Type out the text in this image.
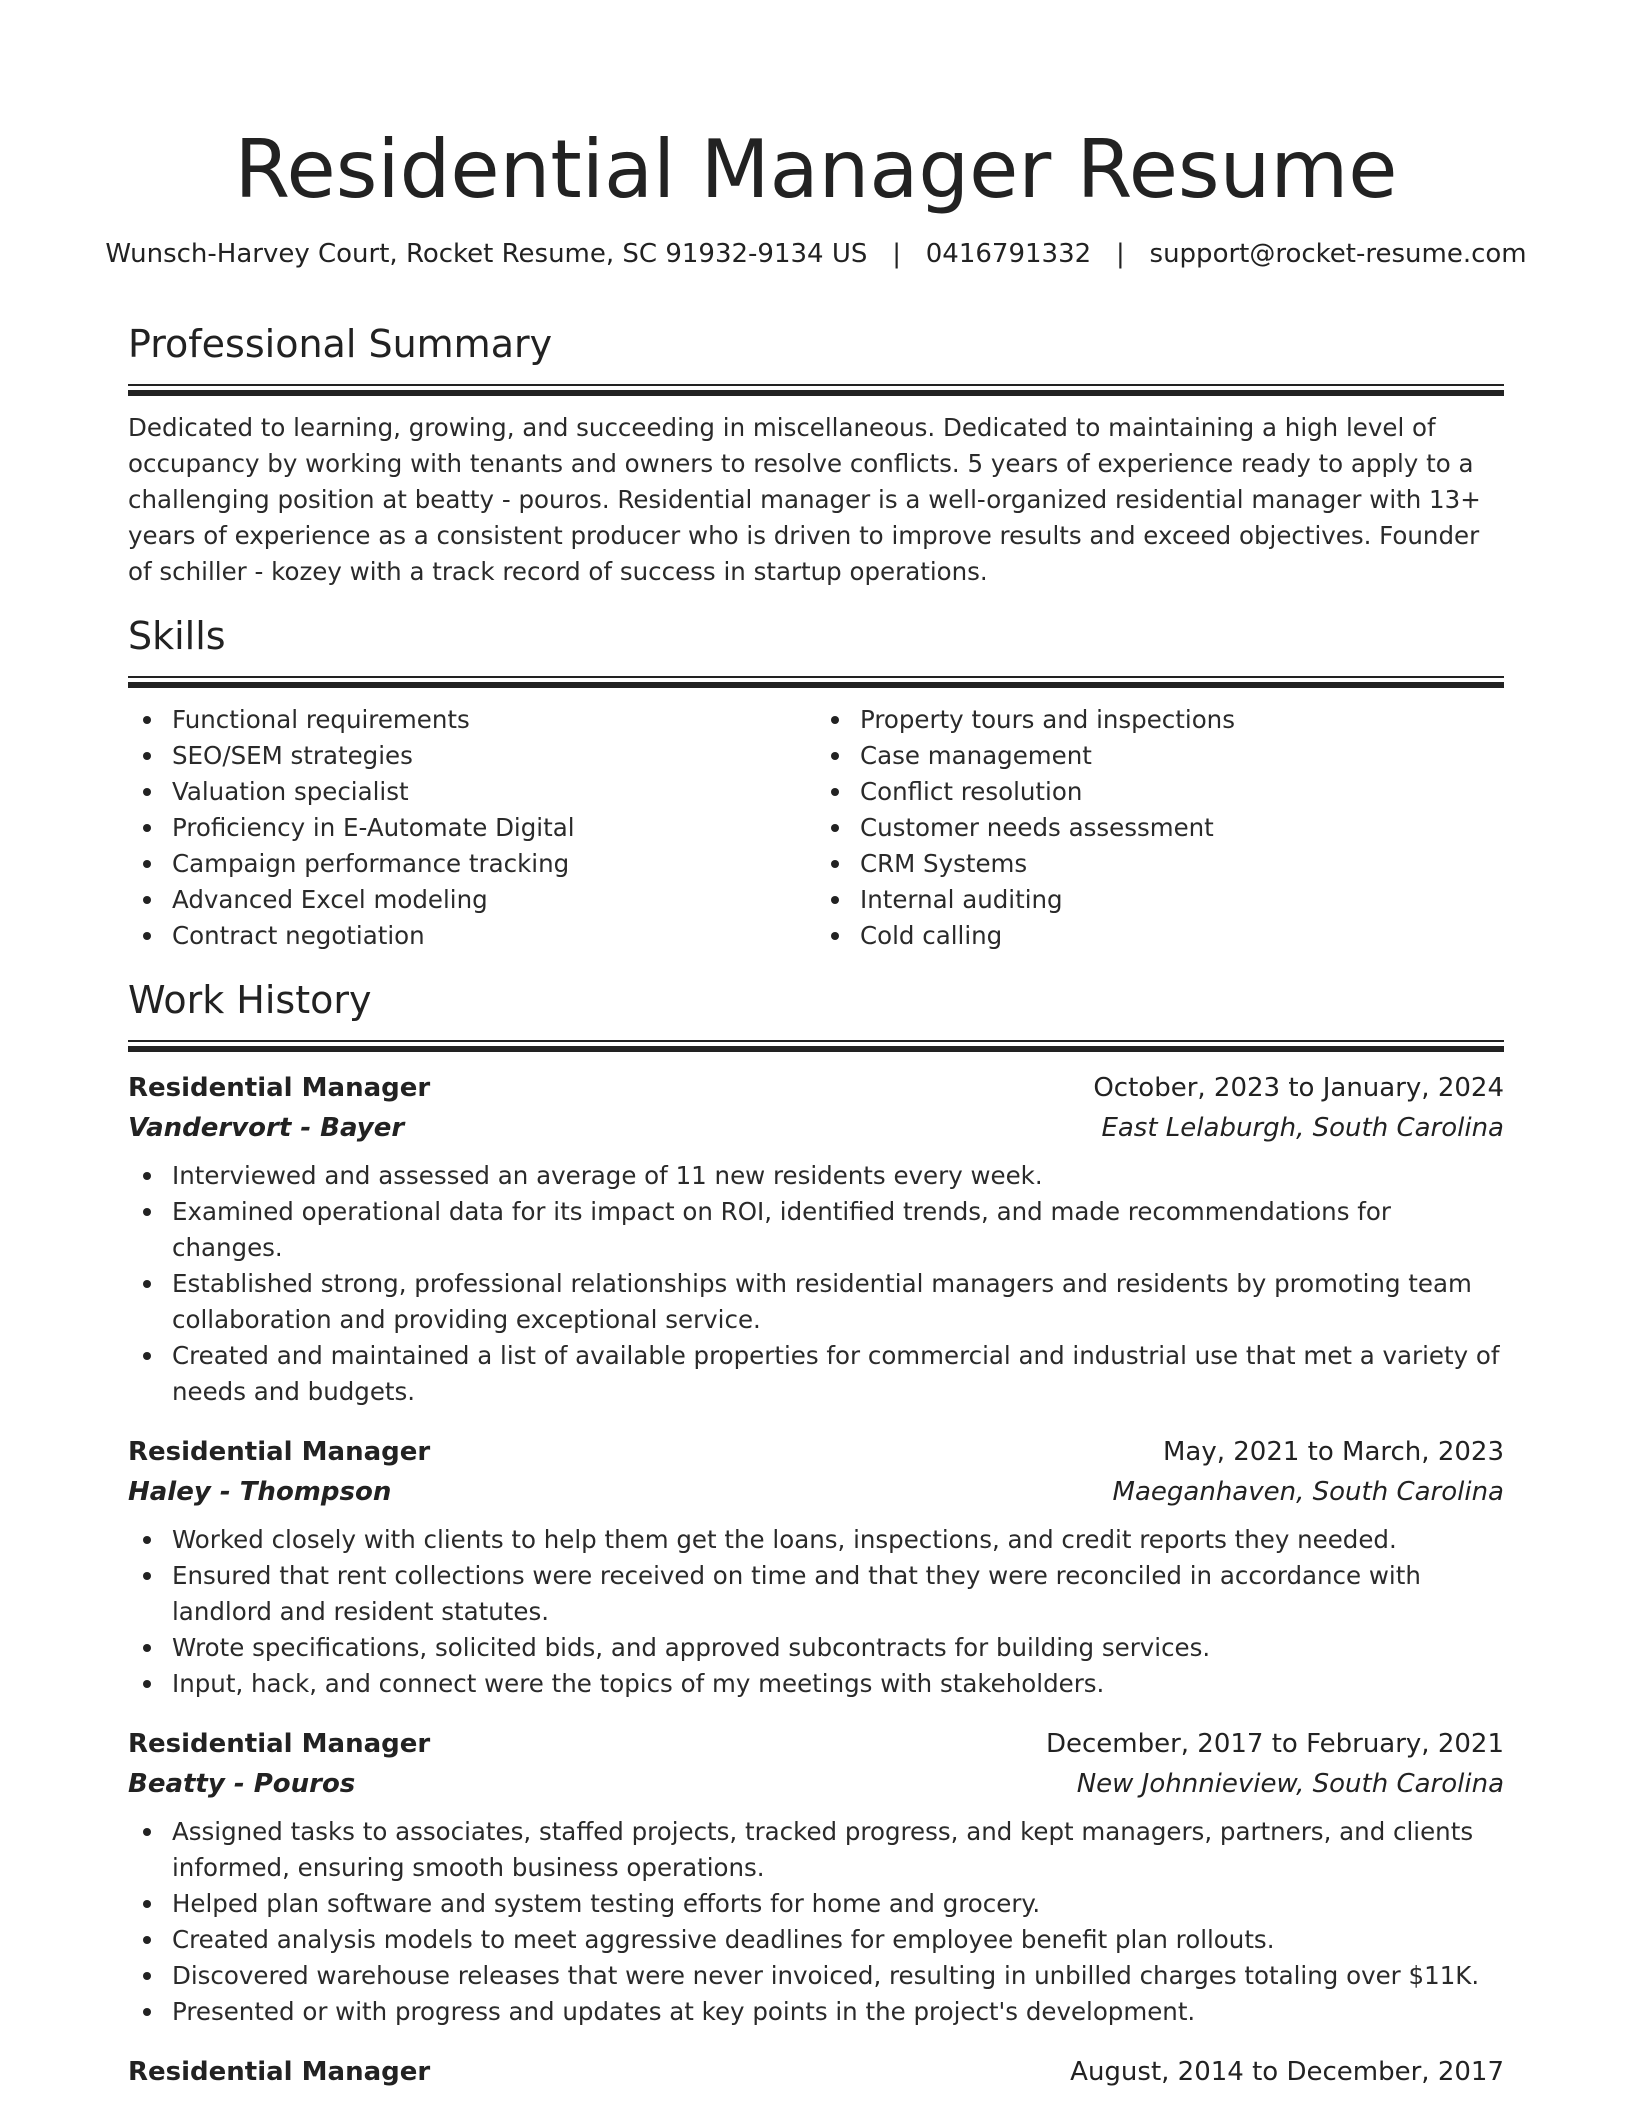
Residential Manager Resume
Wunsch-Harvey Court, Rocket Resume, SC 91932-9134 US | 0416791332 | support@rocket-resume.com
Professional Summary

Dedicated to learning, growing, and succeeding in miscellaneous. Dedicated to maintaining a high level of occupancy by working with tenants and owners to resolve conflicts. 5 years of experience ready to apply to a challenging position at beatty - pouros. Residential manager is a well-organized residential manager with 13+ years of experience as a consistent producer who is driven to improve results and exceed objectives. Founder of schiller - kozey with a track record of success in startup operations.

Skills
Functional requirements
SEO/SEM strategies
Valuation specialist
Proficiency in E-Automate Digital
Campaign performance tracking
Advanced Excel modeling
Contract negotiation
Property tours and inspections
Case management
Conflict resolution
Customer needs assessment
CRM Systems
Internal auditing
Cold calling
Work History
Residential Manager	October, 2023 to January, 2024
Vandervort - Bayer	East Lelaburgh, South Carolina
Interviewed and assessed an average of 11 new residents every week.
Examined operational data for its impact on ROI, identified trends, and made recommendations for changes.
Established strong, professional relationships with residential managers and residents by promoting team collaboration and providing exceptional service.
Created and maintained a list of available properties for commercial and industrial use that met a variety of needs and budgets.
Residential Manager	May, 2021 to March, 2023
Haley - Thompson	Maeganhaven, South Carolina
Worked closely with clients to help them get the loans, inspections, and credit reports they needed.
Ensured that rent collections were received on time and that they were reconciled in accordance with landlord and resident statutes.
Wrote specifications, solicited bids, and approved subcontracts for building services.
Input, hack, and connect were the topics of my meetings with stakeholders.
Residential Manager	December, 2017 to February, 2021
Beatty - Pouros	New Johnnieview, South Carolina
Assigned tasks to associates, staffed projects, tracked progress, and kept managers, partners, and clients informed, ensuring smooth business operations.
Helped plan software and system testing efforts for home and grocery.
Created analysis models to meet aggressive deadlines for employee benefit plan rollouts.
Discovered warehouse releases that were never invoiced, resulting in unbilled charges totaling over $11K.
Presented or with progress and updates at key points in the project's development.
Residential Manager	August, 2014 to December, 2017
